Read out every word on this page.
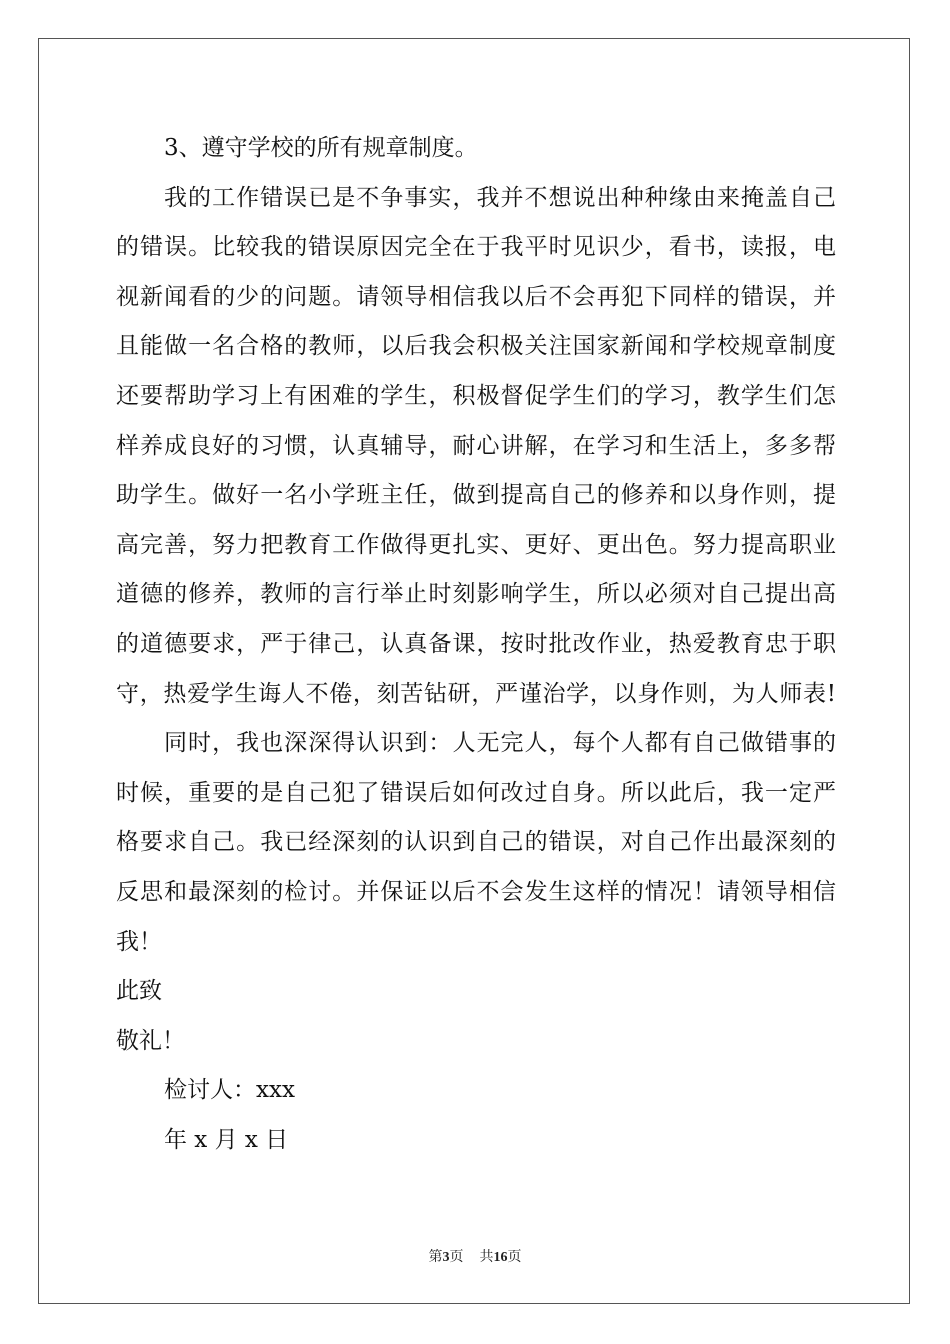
3、遵守学校的所有规章制度。
我的工作错误已是不争事实，我并不想说出种种缘由来掩盖自己
的错误。比较我的错误原因完全在于我平时见识少，看书，读报，电
视新闻看的少的问题。请领导相信我以后不会再犯下同样的错误，并
且能做一名合格的教师，以后我会积极关注国家新闻和学校规章制度
还要帮助学习上有困难的学生，积极督促学生们的学习，教学生们怎
样养成良好的习惯，认真辅导，耐心讲解，在学习和生活上，多多帮
助学生。做好一名小学班主任，做到提高自己的修养和以身作则，提
高完善，努力把教育工作做得更扎实、更好、更出色。努力提高职业
道德的修养，教师的言行举止时刻影响学生，所以必须对自己提出高
的道德要求，严于律己，认真备课，按时批改作业，热爱教育忠于职
守，热爱学生诲人不倦，刻苦钻研，严谨治学，以身作则，为人师表!
同时，我也深深得认识到：人无完人，每个人都有自己做错事的
时候，重要的是自己犯了错误后如何改过自身。所以此后，我一定严
格要求自己。我已经深刻的认识到自己的错误，对自己作出最深刻的
反思和最深刻的检讨。并保证以后不会发生这样的情况！请领导相信
我！
此致
敬礼！
检讨人：xxx
年 x 月 x 日
第3页 共16页
